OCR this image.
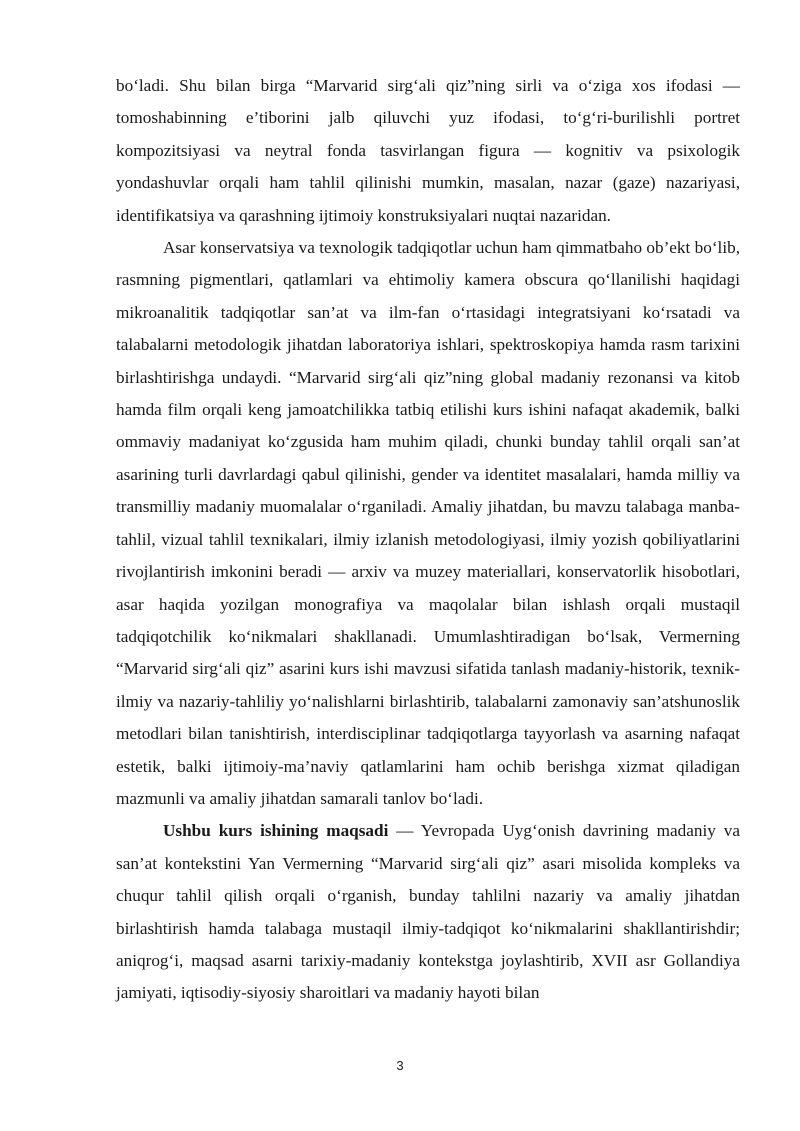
bo‘ladi. Shu bilan birga “Marvarid sirg‘ali qiz”ning sirli va o‘ziga xos ifodasi — tomoshabinning e’tiborini jalb qiluvchi yuz ifodasi, to‘g‘ri-burilishli portret kompozitsiyasi va neytral fonda tasvirlangan figura — kognitiv va psixologik yondashuvlar orqali ham tahlil qilinishi mumkin, masalan, nazar (gaze) nazariyasi, identifikatsiya va qarashning ijtimoiy konstruksiyalari nuqtai nazaridan.

Asar konservatsiya va texnologik tadqiqotlar uchun ham qimmatbaho ob’ekt bo‘lib, rasmning pigmentlari, qatlamlari va ehtimoliy kamera obscura qo‘llanilishi haqidagi mikroanalitik tadqiqotlar san’at va ilm-fan o‘rtasidagi integratsiyani ko‘rsatadi va talabalarni metodologik jihatdan laboratoriya ishlari, spektroskopiya hamda rasm tarixini birlashtirishga undaydi. “Marvarid sirg‘ali qiz”ning global madaniy rezonansi va kitob hamda film orqali keng jamoatchilikka tatbiq etilishi kurs ishini nafaqat akademik, balki ommaviy madaniyat ko‘zgusida ham muhim qiladi, chunki bunday tahlil orqali san’at asarining turli davrlardagi qabul qilinishi, gender va identitet masalalari, hamda milliy va transmilliy madaniy muomalalar o‘rganiladi. Amaliy jihatdan, bu mavzu talabaga manba-tahlil, vizual tahlil texnikalari, ilmiy izlanish metodologiyasi, ilmiy yozish qobiliyatlarini rivojlantirish imkonini beradi — arxiv va muzey materiallari, konservatorlik hisobotlari, asar haqida yozilgan monografiya va maqolalar bilan ishlash orqali mustaqil tadqiqotchilik ko‘nikmalari shakllanadi. Umumlashtiradigan bo‘lsak, Vermerning “Marvarid sirg‘ali qiz” asarini kurs ishi mavzusi sifatida tanlash madaniy-historik, texnik-ilmiy va nazariy-tahliliy yo‘nalishlarni birlashtirib, talabalarni zamonaviy san’atshunoslik metodlari bilan tanishtirish, interdisciplinar tadqiqotlarga tayyorlash va asarning nafaqat estetik, balki ijtimoiy-ma’naviy qatlamlarini ham ochib berishga xizmat qiladigan mazmunli va amaliy jihatdan samarali tanlov bo‘ladi.

Ushbu kurs ishining maqsadi — Yevropada Uyg‘onish davrining madaniy va san’at kontekstini Yan Vermerning “Marvarid sirg‘ali qiz” asari misolida kompleks va chuqur tahlil qilish orqali o‘rganish, bunday tahlilni nazariy va amaliy jihatdan birlashtirish hamda talabaga mustaqil ilmiy-tadqiqot ko‘nikmalarini shakllantirishdir; aniqrog‘i, maqsad asarni tarixiy-madaniy kontekstga joylashtirib, XVII asr Gollandiya jamiyati, iqtisodiy-siyosiy sharoitlari va madaniy hayoti bilan

3
